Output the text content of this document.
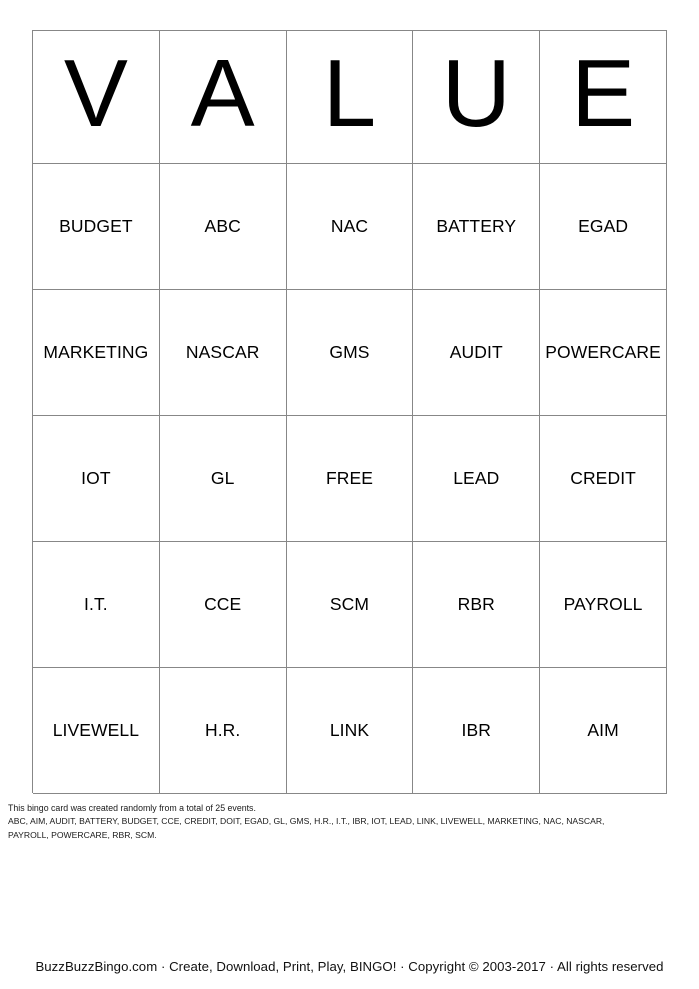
V A L U E
BUDGET	ABC	NAC	BATTERY	EGAD
MARKETING	NASCAR	GMS	AUDIT	POWERCARE
IOT	GL	FREE	LEAD	CREDIT
I.T.	CCE	SCM	RBR	PAYROLL
LIVEWELL	H.R.	LINK	IBR	AIM
This bingo card was created randomly from a total of 25 events.
ABC, AIM, AUDIT, BATTERY, BUDGET, CCE, CREDIT, DOIT, EGAD, GL, GMS, H.R., I.T., IBR, IOT, LEAD, LINK, LIVEWELL, MARKETING, NAC, NASCAR,
PAYROLL, POWERCARE, RBR, SCM.
BuzzBuzzBingo.com · Create, Download, Print, Play, BINGO! · Copyright © 2003-2017 · All rights reserved
